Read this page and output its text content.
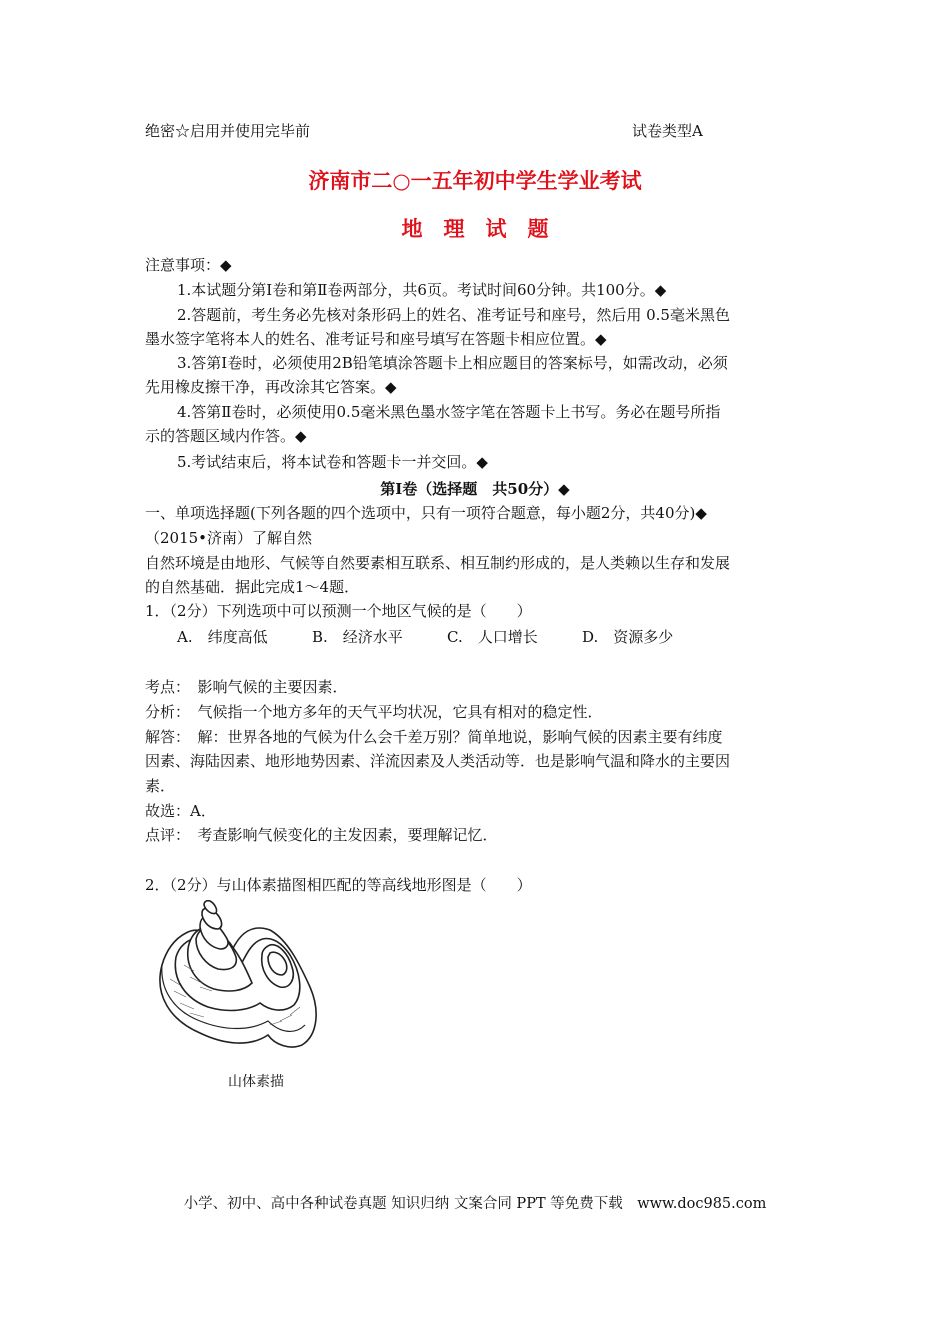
绝密☆启用并使用完毕前	试卷类型A
济南市二○一五年初中学生学业考试
地　理　试　题
注意事项：◆
1.本试题分第Ⅰ卷和第Ⅱ卷两部分，共6页。考试时间60分钟。共100分。◆
2.答题前，考生务必先核对条形码上的姓名、准考证号和座号，然后用 0.5毫米黑色
墨水签字笔将本人的姓名、准考证号和座号填写在答题卡相应位置。◆
3.答第Ⅰ卷时，必须使用2B铅笔填涂答题卡上相应题目的答案标号，如需改动，必须
先用橡皮擦干净，再改涂其它答案。◆
4.答第Ⅱ卷时，必须使用0.5毫米黑色墨水签字笔在答题卡上书写。务必在题号所指
示的答题区域内作答。◆
5.考试结束后，将本试卷和答题卡一并交回。◆
第Ⅰ卷（选择题　共50分）◆
一、单项选择题(下列各题的四个选项中，只有一项符合题意，每小题2分，共40分)◆
（2015•济南）了解自然
自然环境是由地形、气候等自然要素相互联系、相互制约形成的，是人类赖以生存和发展
的自然基础．据此完成1～4题．
1．（2分）下列选项中可以预测一个地区气候的是（　　）
A.　纬度高低	B.　经济水平	C.　人口增长	D.　资源多少
考点：　影响气候的主要因素．
分析：　气候指一个地方多年的天气平均状况，它具有相对的稳定性．
解答：　解：世界各地的气候为什么会千差万别？简单地说，影响气候的因素主要有纬度
因素、海陆因素、地形地势因素、洋流因素及人类活动等．也是影响气温和降水的主要因
素．
故选：A．
点评：　考查影响气候变化的主发因素，要理解记忆．
2．（2分）与山体素描图相匹配的等高线地形图是（　　）
山体素描
小学、初中、高中各种试卷真题 知识归纳 文案合同 PPT 等免费下载　www.doc985.com
